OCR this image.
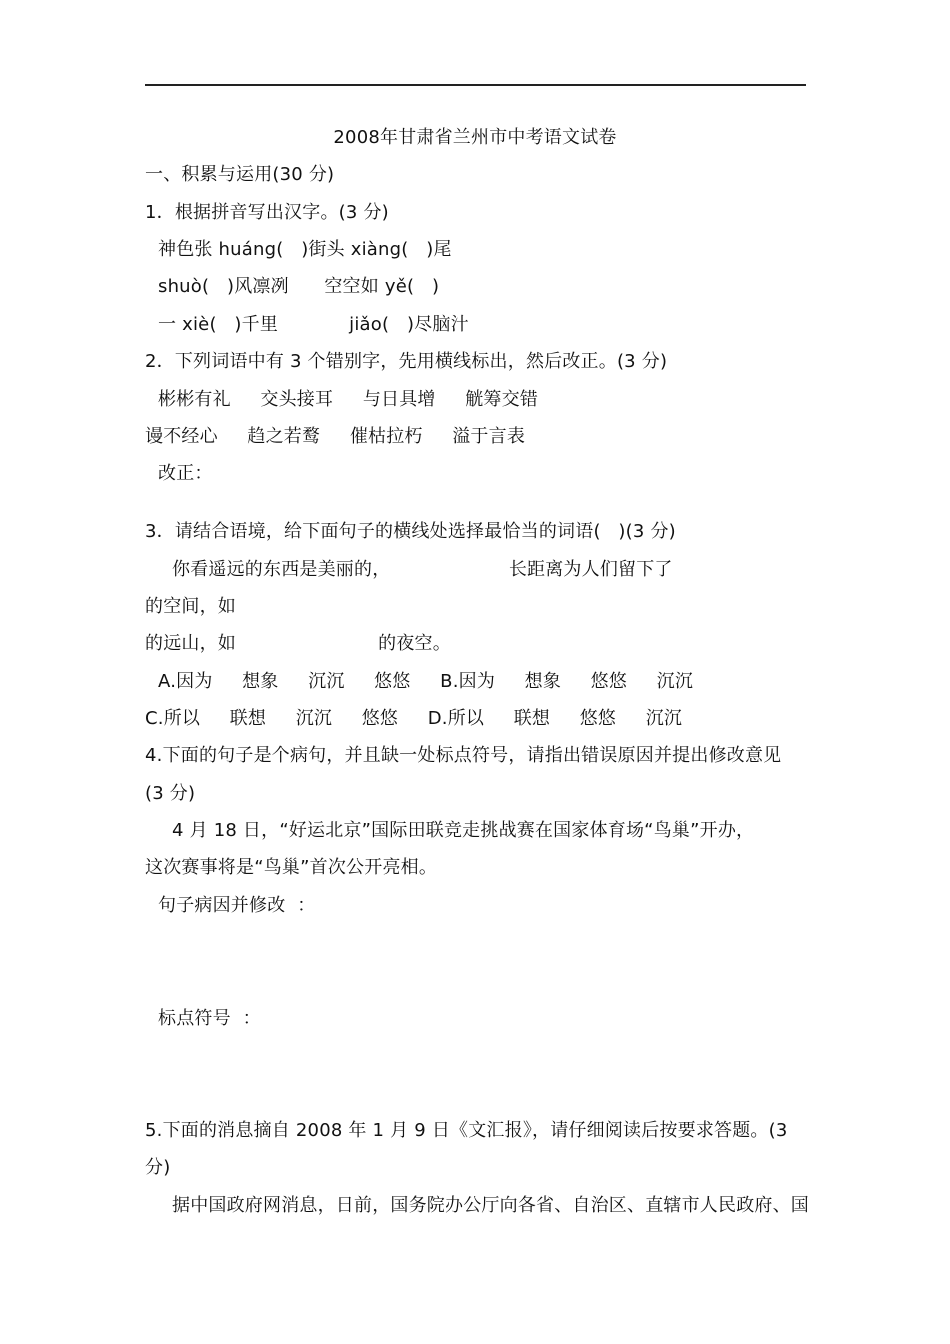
2008年甘肃省兰州市中考语文试卷
一、积累与运用(30 分)
1．根据拼音写出汉字。(3 分)
神色张 huáng(   )街头 xiàng(   )尾
shuò(   )风凛冽      空空如 yě(   )
一 xiè(   )千里            jiǎo(   )尽脑汁
2．下列词语中有 3 个错别字，先用横线标出，然后改正。(3 分)
彬彬有礼     交头接耳     与日具增     觥筹交错
谩不经心     趋之若鹜     催枯拉朽     溢于言表
改正：
3．请结合语境，给下面句子的横线处选择最恰当的词语(   )(3 分)
你看遥远的东西是美丽的，                    长距离为人们留下了
的空间，如
的远山，如                        的夜空。
A.因为     想象     沉沉     悠悠     B.因为     想象     悠悠     沉沉
C.所以     联想     沉沉     悠悠     D.所以     联想     悠悠     沉沉
4.下面的句子是个病句，并且缺一处标点符号，请指出错误原因并提出修改意见
(3 分)
4 月 18 日，“好运北京”国际田联竞走挑战赛在国家体育场“鸟巢”开办，
这次赛事将是“鸟巢”首次公开亮相。
句子病因并修改  ：
标点符号  ：
5.下面的消息摘自 2008 年 1 月 9 日《文汇报》，请仔细阅读后按要求答题。(3
分)
据中国政府网消息，日前，国务院办公厅向各省、自治区、直辖市人民政府、国
